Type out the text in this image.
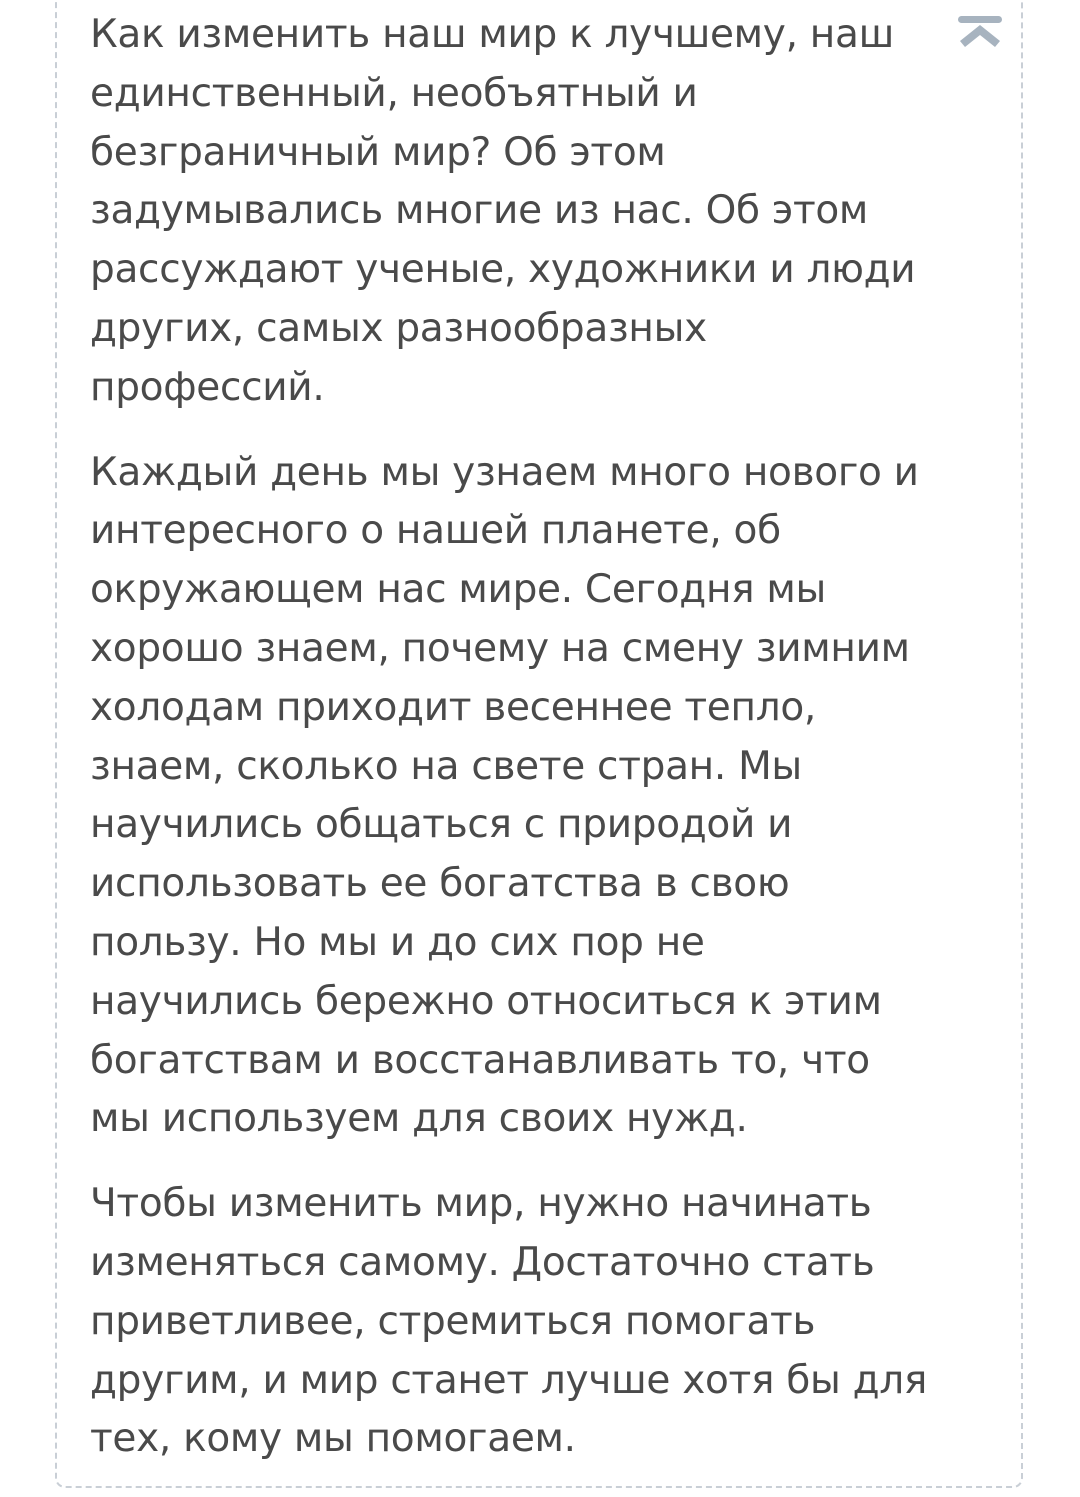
Как изменить наш мир к лучшему, наш
единственный, необъятный и
безграничный мир? Об этом
задумывались многие из нас. Об этом
рассуждают ученые, художники и люди
других, самых разнообразных
профессий.

Каждый день мы узнаем много нового и
интересного о нашей планете, об
окружающем нас мире. Сегодня мы
хорошо знаем, почему на смену зимним
холодам приходит весеннее тепло,
знаем, сколько на свете стран. Мы
научились общаться с природой и
использовать ее богатства в свою
пользу. Но мы и до сих пор не
научились бережно относиться к этим
богатствам и восстанавливать то, что
мы используем для своих нужд.

Чтобы изменить мир, нужно начинать
изменяться самому. Достаточно стать
приветливее, стремиться помогать
другим, и мир станет лучше хотя бы для
тех, кому мы помогаем.
